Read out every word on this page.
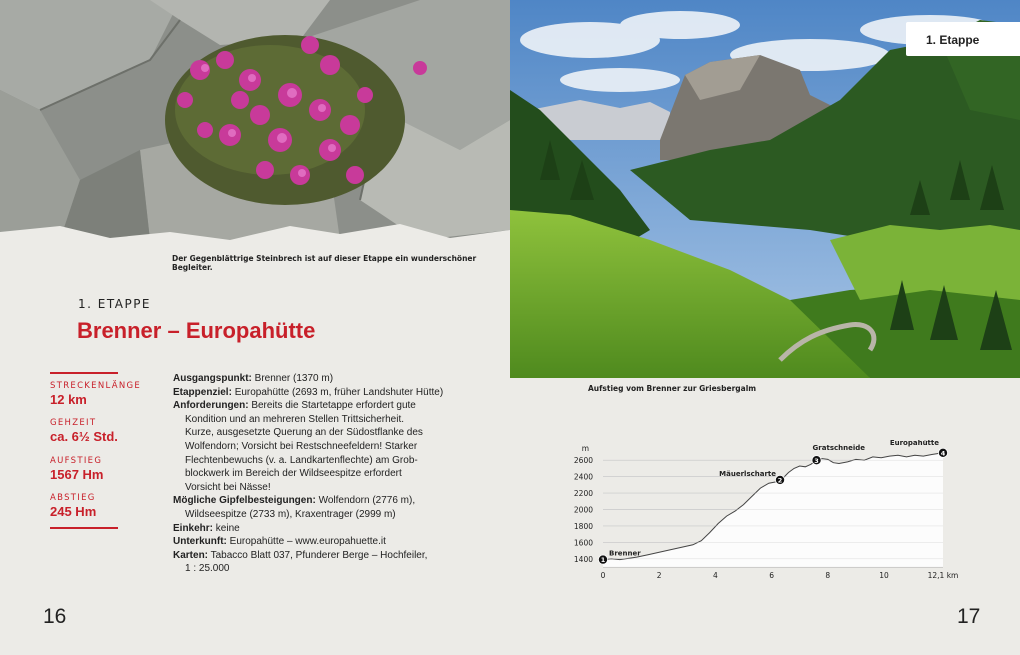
Der Gegenblättrige Steinbrech ist auf dieser Etappe ein wunderschöner Begleiter.
1. ETAPPE
Brenner – Europahütte
STRECKENLÄNGE
12 km
GEHZEIT
ca. 6½ Std.
AUFSTIEG
1567 Hm
ABSTIEG
245 Hm

Ausgangspunkt: Brenner (1370 m)

Etappenziel: Europahütte (2693 m, früher Landshuter Hütte)

Anforderungen: Bereits die Startetappe erfordert gute

Kondition und an mehreren Stellen Trittsicherheit.

Kurze, ausgesetzte Querung an der Südostflanke des

Wolfendorn; Vorsicht bei Restschneefeldern! Starker

Flechtenbewuchs (v. a. Landkartenflechte) am Grob-

blockwerk im Bereich der Wildseespitze erfordert

Vorsicht bei Nässe!

Mögliche Gipfelbesteigungen: Wolfendorn (2776 m),

Wildseespitze (2733 m), Kraxentrager (2999 m)

Einkehr: keine

Unterkunft: Europahütte – www.europahuette.it

Karten: Tabacco Blatt 037, Pfunderer Berge – Hochfeiler,

1 : 25.000

16
1. Etappe
Aufstieg vom Brenner zur Griesbergalm
17
1400
1600
1800
2000
2200
2400
2600
m
0	2	4	6	8	10	12,1 km
1
Brenner
2
Mäuerlscharte
3
Gratschneide
4
Europahütte
